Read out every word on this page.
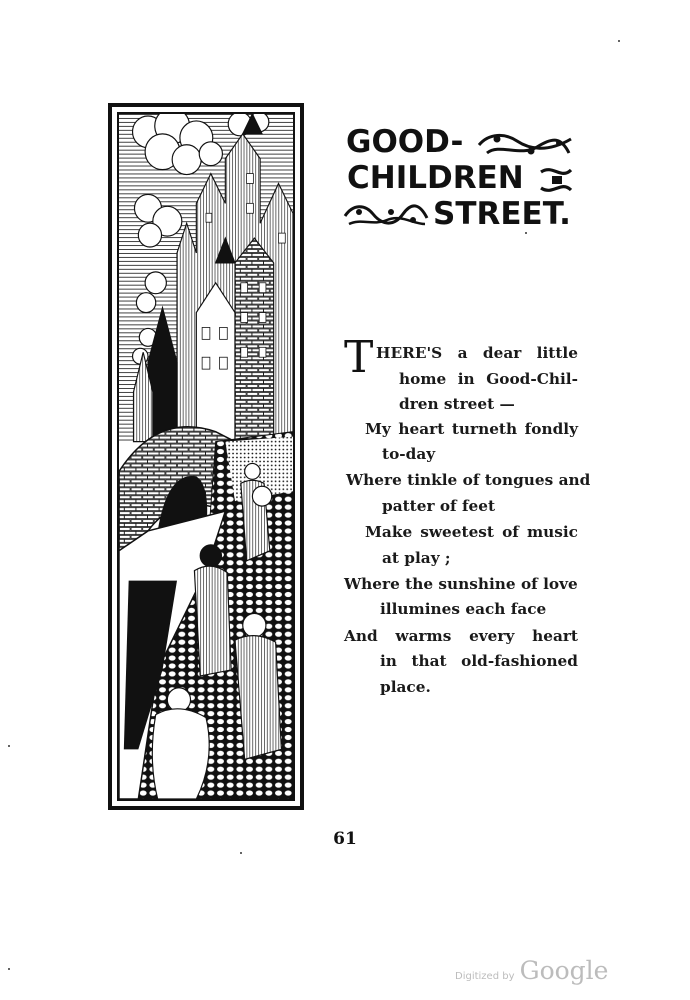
GOOD-
CHILDREN
STREET.
T HERE'S a dear little
home in Good-Chil-
dren street —
My heart turneth fondly
to-day
Where tinkle of tongues and
patter of feet
Make sweetest of music
at play ;
Where the sunshine of love
illumines each face
And warms every heart
in that old-fashioned
place.
61
Digitized by Google
